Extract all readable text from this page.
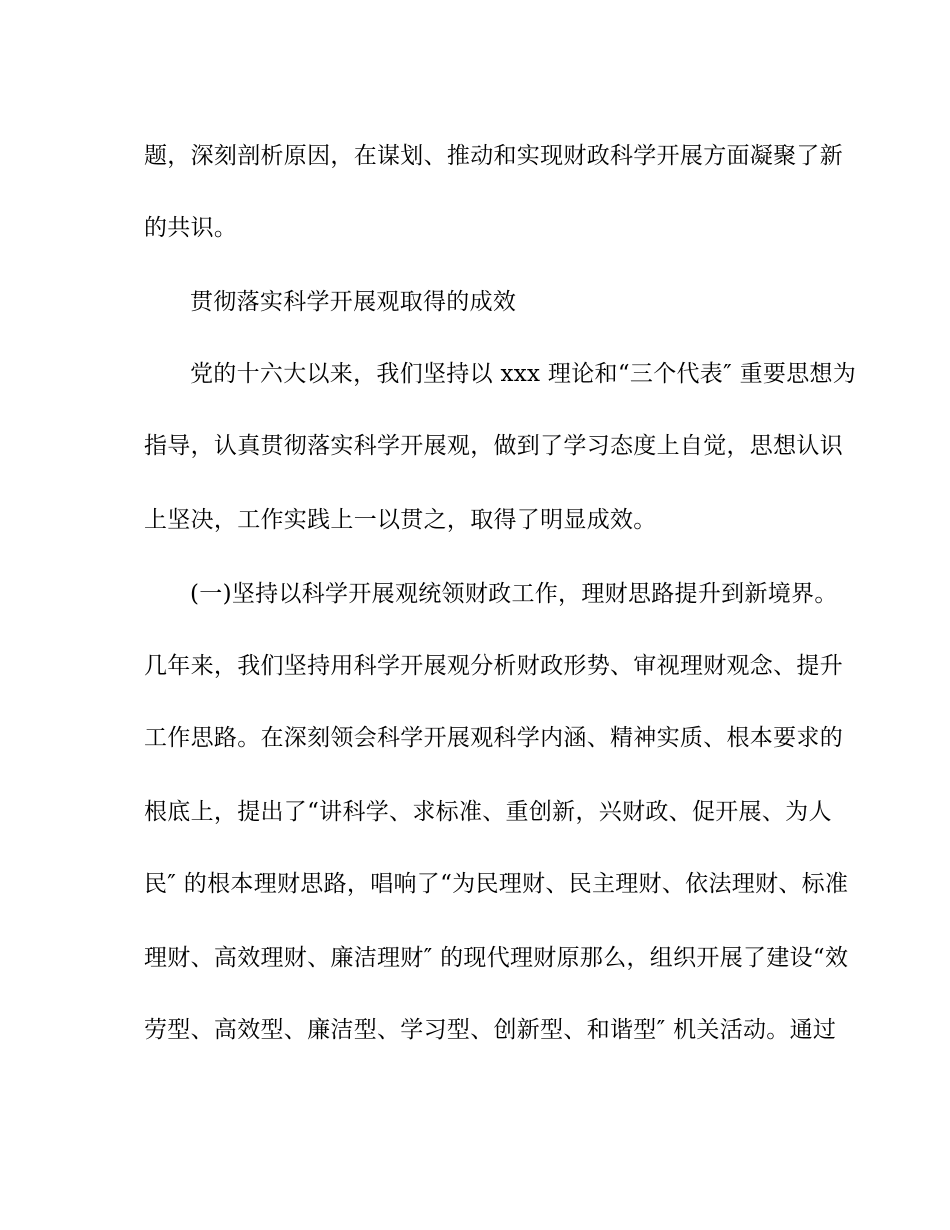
题，深刻剖析原因，在谋划、推动和实现财政科学开展方面凝聚了新
的共识。
贯彻落实科学开展观取得的成效
党的十六大以来，我们坚持以 xxx 理论和“三个代表″ 重要思想为
指导，认真贯彻落实科学开展观，做到了学习态度上自觉，思想认识
上坚决，工作实践上一以贯之，取得了明显成效。
(一)坚持以科学开展观统领财政工作，理财思路提升到新境界。
几年来，我们坚持用科学开展观分析财政形势、审视理财观念、提升
工作思路。在深刻领会科学开展观科学内涵、精神实质、根本要求的
根底上，提出了“讲科学、求标准、重创新，兴财政、促开展、为人
民″ 的根本理财思路，唱响了“为民理财、民主理财、依法理财、标准
理财、高效理财、廉洁理财″ 的现代理财原那么，组织开展了建设“效
劳型、高效型、廉洁型、学习型、创新型、和谐型″ 机关活动。通过
